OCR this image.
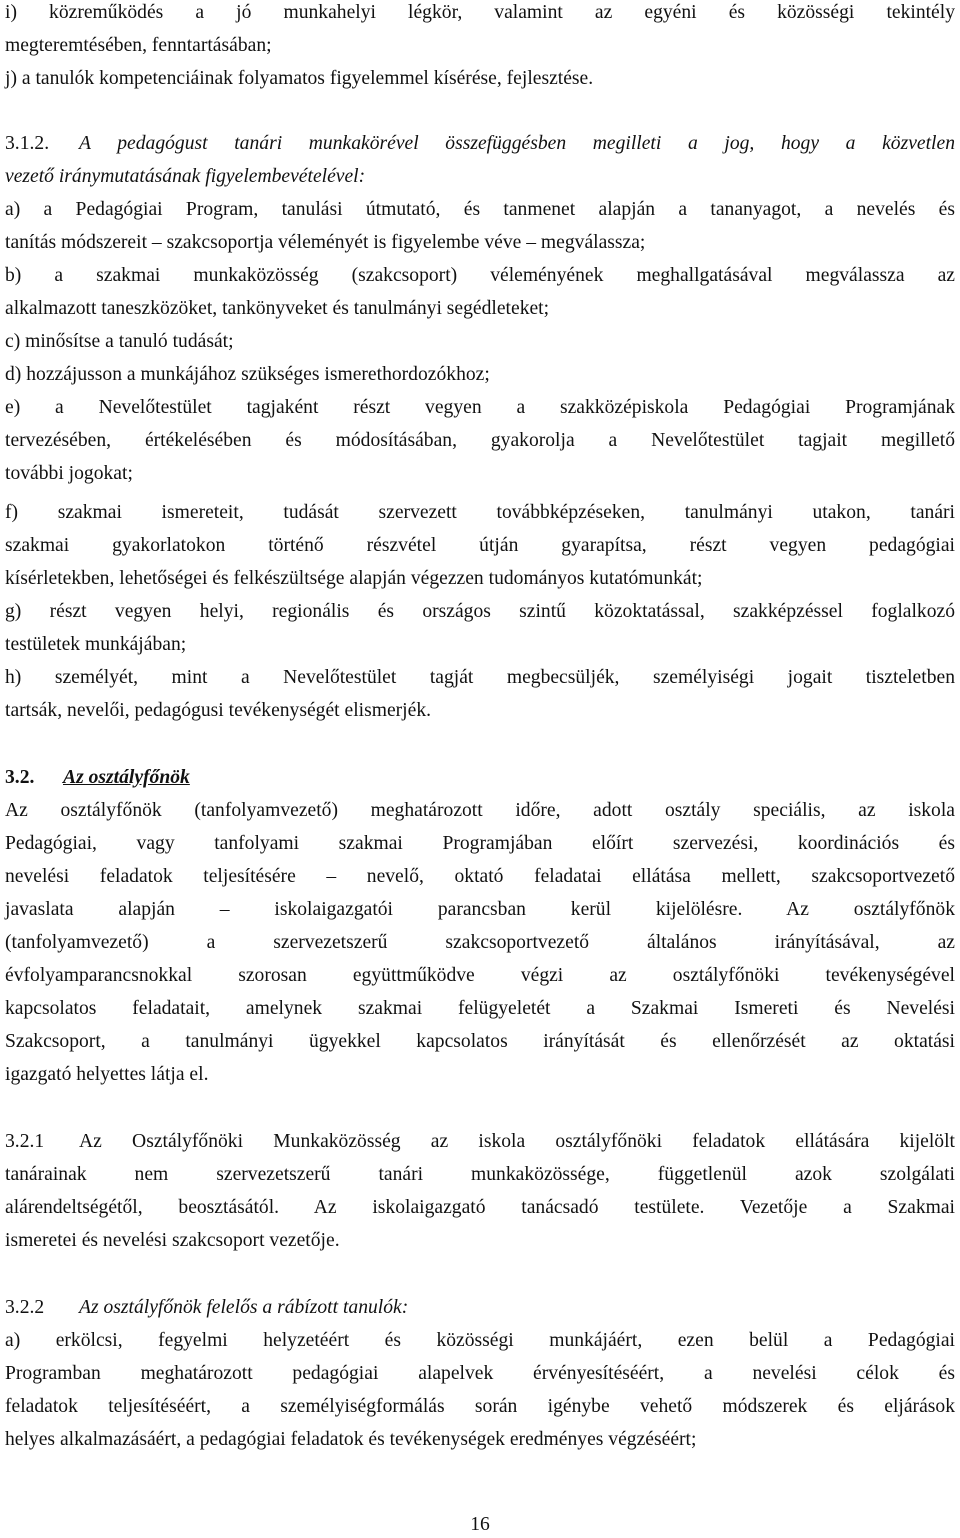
i) közreműködés a jó munkahelyi légkör, valamint az egyéni és közösségi tekintély
megteremtésében, fenntartásában;
j) a tanulók kompetenciáinak folyamatos figyelemmel kísérése, fejlesztése.
3.1.2. A pedagógust tanári munkakörével összefüggésben megilleti a jog, hogy a közvetlen
vezető iránymutatásának figyelembevételével:
a) a Pedagógiai Program, tanulási útmutató, és tanmenet alapján a tananyagot, a nevelés és
tanítás módszereit – szakcsoportja véleményét is figyelembe véve – megválassza;
b) a szakmai munkaközösség (szakcsoport) véleményének meghallgatásával megválassza az
alkalmazott taneszközöket, tankönyveket és tanulmányi segédleteket;
c) minősítse a tanuló tudását;
d) hozzájusson a munkájához szükséges ismerethordozókhoz;
e) a Nevelőtestület tagjaként részt vegyen a szakközépiskola Pedagógiai Programjának
tervezésében, értékelésében és módosításában, gyakorolja a Nevelőtestület tagjait megillető
további jogokat;
f) szakmai ismereteit, tudását szervezett továbbképzéseken, tanulmányi utakon, tanári
szakmai gyakorlatokon történő részvétel útján gyarapítsa, részt vegyen pedagógiai
kísérletekben, lehetőségei és felkészültsége alapján végezzen tudományos kutatómunkát;
g) részt vegyen helyi, regionális és országos szintű közoktatással, szakképzéssel foglalkozó
testületek munkájában;
h) személyét, mint a Nevelőtestület tagját megbecsüljék, személyiségi jogait tiszteletben
tartsák, nevelői, pedagógusi tevékenységét elismerjék.
3.2. Az osztályfőnök
Az osztályfőnök (tanfolyamvezető) meghatározott időre, adott osztály speciális, az iskola
Pedagógiai, vagy tanfolyami szakmai Programjában előírt szervezési, koordinációs és
nevelési feladatok teljesítésére – nevelő, oktató feladatai ellátása mellett, szakcsoportvezető
javaslata alapján – iskolaigazgatói parancsban kerül kijelölésre. Az osztályfőnök
(tanfolyamvezető) a szervezetszerű szakcsoportvezető általános irányításával, az
évfolyamparancsnokkal szorosan együttműködve végzi az osztályfőnöki tevékenységével
kapcsolatos feladatait, amelynek szakmai felügyeletét a Szakmai Ismereti és Nevelési
Szakcsoport, a tanulmányi ügyekkel kapcsolatos irányítását és ellenőrzését az oktatási
igazgató helyettes látja el.
3.2.1 Az Osztályfőnöki Munkaközösség az iskola osztályfőnöki feladatok ellátására kijelölt
tanárainak nem szervezetszerű tanári munkaközössége, függetlenül azok szolgálati
alárendeltségétől, beosztásától. Az iskolaigazgató tanácsadó testülete. Vezetője a Szakmai
ismeretei és nevelési szakcsoport vezetője.
3.2.2 Az osztályfőnök felelős a rábízott tanulók:
a) erkölcsi, fegyelmi helyzetéért és közösségi munkájáért, ezen belül a Pedagógiai
Programban meghatározott pedagógiai alapelvek érvényesítéséért, a nevelési célok és
feladatok teljesítéséért, a személyiségformálás során igénybe vehető módszerek és eljárások
helyes alkalmazásáért, a pedagógiai feladatok és tevékenységek eredményes végzéséért;
16
